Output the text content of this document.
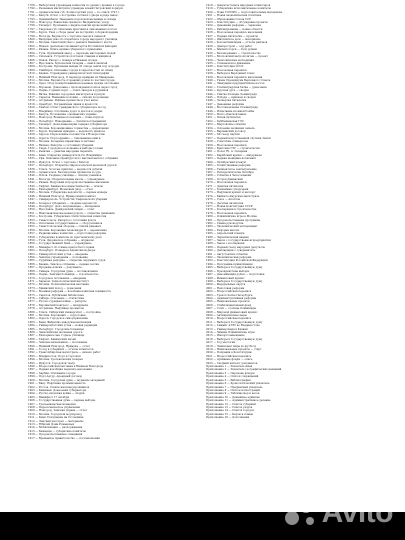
1789 — Выборгская учреждена комиссия по делам о кражах в городе
1790 — Решением магистрата учрежден новый Петровский порядок
1791 — Архангельская губ. Холмогорский уезд — по описи 1791 г.
1792 — Калуга. Отчет о постройке гостиного двора и ряда лавок
1793 — Ораниенбаум. Заведение пороховой мельницы и склада
1795 — Новгород. Ревизская сказка по Валдайскому уезду
1796 — Таганрог. Прошение о выдаче пенсии вдове капитана
1797 — Тверская губ. Описание пристани и таможенных постов
1798 — Курск. Указ о сборе денег на постройку соборной церкви
1799 — Вологда. Ведомость о торговле льном и пенькой
1800 — Выпущен указ об открытии в городе народного училища
1801 — Москва. Сенатский указ о ремонте Каменного моста
1802 — Начало деятельности министерств Российской империи
1803 — Рязань. Опись архива губернского правления
1804 — Тула. Оружейный завод — перечень мастеровых людей
1805 — Смоленск. Устройство почтовой станции и ямщиков
1806 — Пенза. Рапорт о пожаре в Нижнем посаде
1807 — Ярославль. Купеческая гильдия — книга записей
1808 — Кострома. Прошение мещан об отводе земли под огороды
1809 — Симбирск. Описание города и окрестностей по плану
1810 — Казань. Учреждение университетской типографии
1811 — Нижний Новгород. О переводе ярмарки из Макарьева
1812 — Москва. Ведомость сгоревших домов по частям города
1813 — Орел. Сбор пожертвований на военные нужды ополчения
1814 — Воронеж. Донесение о прохождении полков через город
1815 — Пермь. Горный округ — опись заводов и рудников
1816 — Вятка. Ревизия городовых магистратов и ратуш
1817 — Саратов. Немецкие колонии — списки поселенцев
1818 — Астрахань. Рыбные промыслы и учет ватаг
1819 — Оренбург. Пограничная линия и крепости
1820 — Тамбов. Отчет гражданского губернатора за год
1821 — Владимир. О починке дорог и мостов в уездах
1822 — Калуга. Положение о мещанских управах
1823 — Новгород. Военные поселения — план округов
1824 — Петербург. Наводнение — списки пострадавших
1825 — Таганрог. Дела канцелярии генерал-губернатора
1826 — Москва. Коронационные торжества — церемониал
1827 — Курск. Коренная ярмарка — ведомость привоза
1828 — Херсон. Переселение колонистов в Новороссию
1829 — Одесса. Порто-франко — таможенные книги
1830 — Москва. Холерные карантины и заставы
1831 — Вильна. Рапорты о состоянии губернии
1832 — Тверь. Городовое положение и выборы головы
1833 — Ревизия — девятая народная перепись
1834 — Киев. Открытие университета Св. Владимира
1835 — Уфа. Описание Оренбургского магометанского собрания
1836 — Иркутск. Отчет о торговле с Кяхтой
1837 — Петербург. Открытие Царскосельской железной дороги
1838 — Томск. Золотые прииски — ведомости добычи
1839 — Архангельск. Беломорские промыслы и суда
1840 — Псков. Уездные училища — списки учеников
1841 — Вологда. Сберегательные кассы — учреждение
1842 — Рязань. Неурожай и продовольственные магазины
1843 — Тифлис. Кавказское наместничество — штаты
1844 — Екатеринбург. Монетный двор — отчет
1845 — Москва. Губернские ведомости — первые номера
1846 — Нижний Новгород. Ярмарочный комитет
1847 — Симферополь. Устройство Таврической губернии
1848 — Холера в губерниях — сводные ведомости
1849 — Петербург. Дело петрашевцев — материалы
1850 — Ярославль. Демидовский лицей — отчет
1851 — Николаевская железная дорога — открытие движения
1852 — Кострома. Губернская статистическая комиссия
1853 — Севастополь. Рапорты о состоянии флота
1854 — Ополчение государственное — сбор ратников
1855 — Севастопольская оборона — списки раненых
1856 — Москва. Коронация Александра II — церемониал
1857 — Редакционные комиссии — подготовка реформы
1858 — Губернские комитеты по крестьянскому делу
1859 — Тула. Дворянское собрание — журналы
1860 — Государственный банк — учреждение
1861 — Манифест об отмене крепостного права
1862 — Петербург. Пожары в Апраксином дворе
1863 — Университетский устав — введение
1864 — Земские учреждения — положение
1865 — Судебная реформа — открытие окружных судов
1866 — Казань. Земское собрание — первая сессия
1867 — Продажа Аляски — документы
1868 — Самара. Городская дума — постановления
1869 — Пермь. Земская больница — строительство
1870 — Городовое положение — введение
1871 — Харьков. Технологический институт
1872 — Москва. Политехническая выставка
1873 — Хивинский поход — донесения
1874 — Военная реформа — всеобщая воинская повинность
1875 — Саратов. Публичная библиотека
1876 — Сибирь. Ссыльные — статистика
1877 — Русско-турецкая война — рапорты
1878 — Берлинский конгресс — материалы
1879 — Астрахань. Нефтяные промыслы
1880 — Томск. Сибирский университет — постройка
1881 — Москва. Коронация — подготовка
1882 — Одесса. Городское самоуправление
1883 — Киев. Фабрично-заводская инспекция
1884 — Университетский устав — новая редакция
1885 — Петербург. Городские больницы
1886 — Закаспийская железная дорога
1887 — Екатеринослав. Горное училище
1888 — Тифлис. Кавказский музей
1889 — Земские начальники — положение
1890 — Нижний Новгород. Ярмарка — отчет
1891 — Голод в губерниях — отчеты комитетов
1892 — Транссибирская магистраль — начало работ
1893 — Владивосток. Порт и торговля
1894 — Москва. Третьяковская галерея
1895 — Иркутск. Городской театр
1896 — Всероссийская выставка в Нижнем Новгороде
1897 — Первая всеобщая перепись населения
1898 — Харбин. Основание города
1899 — Порт-Артур. Арендный договор
1900 — Москва. Городская дума — журналы заседаний
1901 — Баку. Нефтяная промышленность
1902 — Ростов. Стачка железнодорожников
1903 — Кишинев. Донесения губернатора
1904 — Русско-японская война — сводки
1905 — Манифест 17 октября
1906 — Государственная дума — первые выборы
1907 — Третьеиюньская монархия
1908 — Переселенческое управление
1909 — Новгород. Земская управа — отчет
1910 — Москва. Городской водопровод
1911 — Киев. Покушение на Столыпина
1912 — Ленский расстрел — материалы
1913 — Юбилей Дома Романовых
1914 — Мобилизация — распоряжения
1915 — Беженцы — губернские комитеты
1916 — Продовольственные совещания
1917 — Временное правительство — постановления
1918 — Декреты Совета народных комиссаров
1919 — Губернские исполнительные комитеты
1920 — План ГОЭЛРО — подготовительные материалы
1921 — Новая экономическая политика
1922 — Образование Союза ССР
1923 — Конституция — обсуждение проекта
1924 — Денежная реформа — червонец
1925 — Районирование — новые области
1926 — Всесоюзная перепись населения
1927 — Первая пятилетка — проекты
1928 — Шахтинское дело — материалы
1929 — Коллективизация — отчеты районов
1930 — Днепрострой — ход работ
1931 — Магнитогорск — пуск домны
1932 — Беломорканал — строительство
1933 — Московский метрополитен — проект
1934 — Челюскинская экспедиция
1935 — Стахановское движение
1936 — Конституция СССР
1937 — Всесоюзная перепись
1938 — Выборы в Верховный Совет
1939 — Всесоюзная перепись населения
1940 — Указы Президиума Верховного Совета
1941 — Эвакуация предприятий на восток
1942 — Сталинградская битва — донесения
1943 — Курская дуга — сводки
1944 — Снятие блокады Ленинграда
1945 — Победа — приказы и сводки
1946 — Четвертая пятилетка
1947 — Денежная реформа
1948 — Восстановление Сталинграда
1949 — Испытание атомной бомбы
1950 — Волго-Донской канал
1951 — Пятая пятилетка
1952 — Куйбышевская ГЭС
1953 — Мартовские события
1954 — Освоение целинных земель
1955 — Варшавский договор
1956 — XX съезд партии
1957 — Первый искусственный спутник Земли
1958 — Советские совнархозы
1959 — Всесоюзная перепись
1960 — Братская ГЭС — строительство
1961 — Полет Ю. А. Гагарина
1962 — Карибский кризис — материалы
1963 — Первая женщина-космонавт
1964 — Октябрьский пленум
1965 — Хозяйственная реформа
1966 — Ташкентское землетрясение
1967 — Пятидесятилетие Октября
1968 — События в Чехословакии
1969 — Остров Даманский
1970 — Всесоюзная перепись
1971 — Девятая пятилетка
1972 — Хоккейная суперсерия
1973 — Нефтяной кризис и экспорт
1974 — Байкало-Амурская магистраль
1975 — Союз — Аполлон
1976 — Десятая пятилетка
1977 — Новая Конституция СССР
1978 — Кооперация в строительстве
1979 — Всесоюзная перепись
1980 — Олимпийские игры в Москве
1981 — Продовольственная программа
1982 — Смена руководства
1983 — Экономический эксперимент
1984 — Реформа школы
1985 — Апрельский пленум
1986 — Чернобыльская авария
1987 — Закон о государственном предприятии
1988 — Закон о кооперации
1989 — Первый съезд народных депутатов
1990 — Декларация о суверенитете
1991 — Августовские события
1992 — Экономическая реформа
1993 — Конституция Российской Федерации
1994 — Программа приватизации
1995 — Выборы в Государственную думу
1996 — Президентские выборы
1997 — Деноминация рубля — подготовка
1998 — Финансовый кризис
1999 — Выборы в Государственную думу
2000 — Федеральные округа
2001 — Налоговая реформа
2002 — Всероссийская перепись
2003 — Трехсотлетие Петербурга
2004 — Административная реформа
2005 — Национальные проекты
2006 — Стабилизационный фонд
2007 — Сочи — столица Олимпиады
2008 — Мировой финансовый кризис
2009 — Антикризисные меры
2010 — Всероссийская перепись
2011 — Выборы в Государственную думу
2012 — Саммит АТЭС во Владивостоке
2013 — Универсиада в Казани
2014 — Зимние Олимпийские игры
2015 — Импортозамещение
2016 — Выборы в Государственную думу
2017 — Год экологии
2018 — Чемпионат мира по футболу
2019 — Национальные проекты — старт
2020 — Поправки в Конституцию
2021 — Всероссийская перепись
2022 — Архивные фонды — опись
2023 — Сводный каталог документов
Приложение 1 — Указатель имен
Приложение 2 — Указатель географических названий
Приложение 3 — Перечень фондов
Приложение 4 — Список сокращений
Приложение 5 — Библиография
Приложение 6 — Хронологический указатель
Приложение 7 — Предметный указатель
Приложение 8 — Список иллюстраций
Приложение 9 — Таблицы мер и весов
Приложение 10 — Денежные единицы
Приложение 11 — Административное деление
Приложение 12 — Список губерний
Приложение 13 — Список уездов
Приложение 14 — Список городов
Приложение 15 — Карты и планы
Приложение 16 — Дополнения
Avito
